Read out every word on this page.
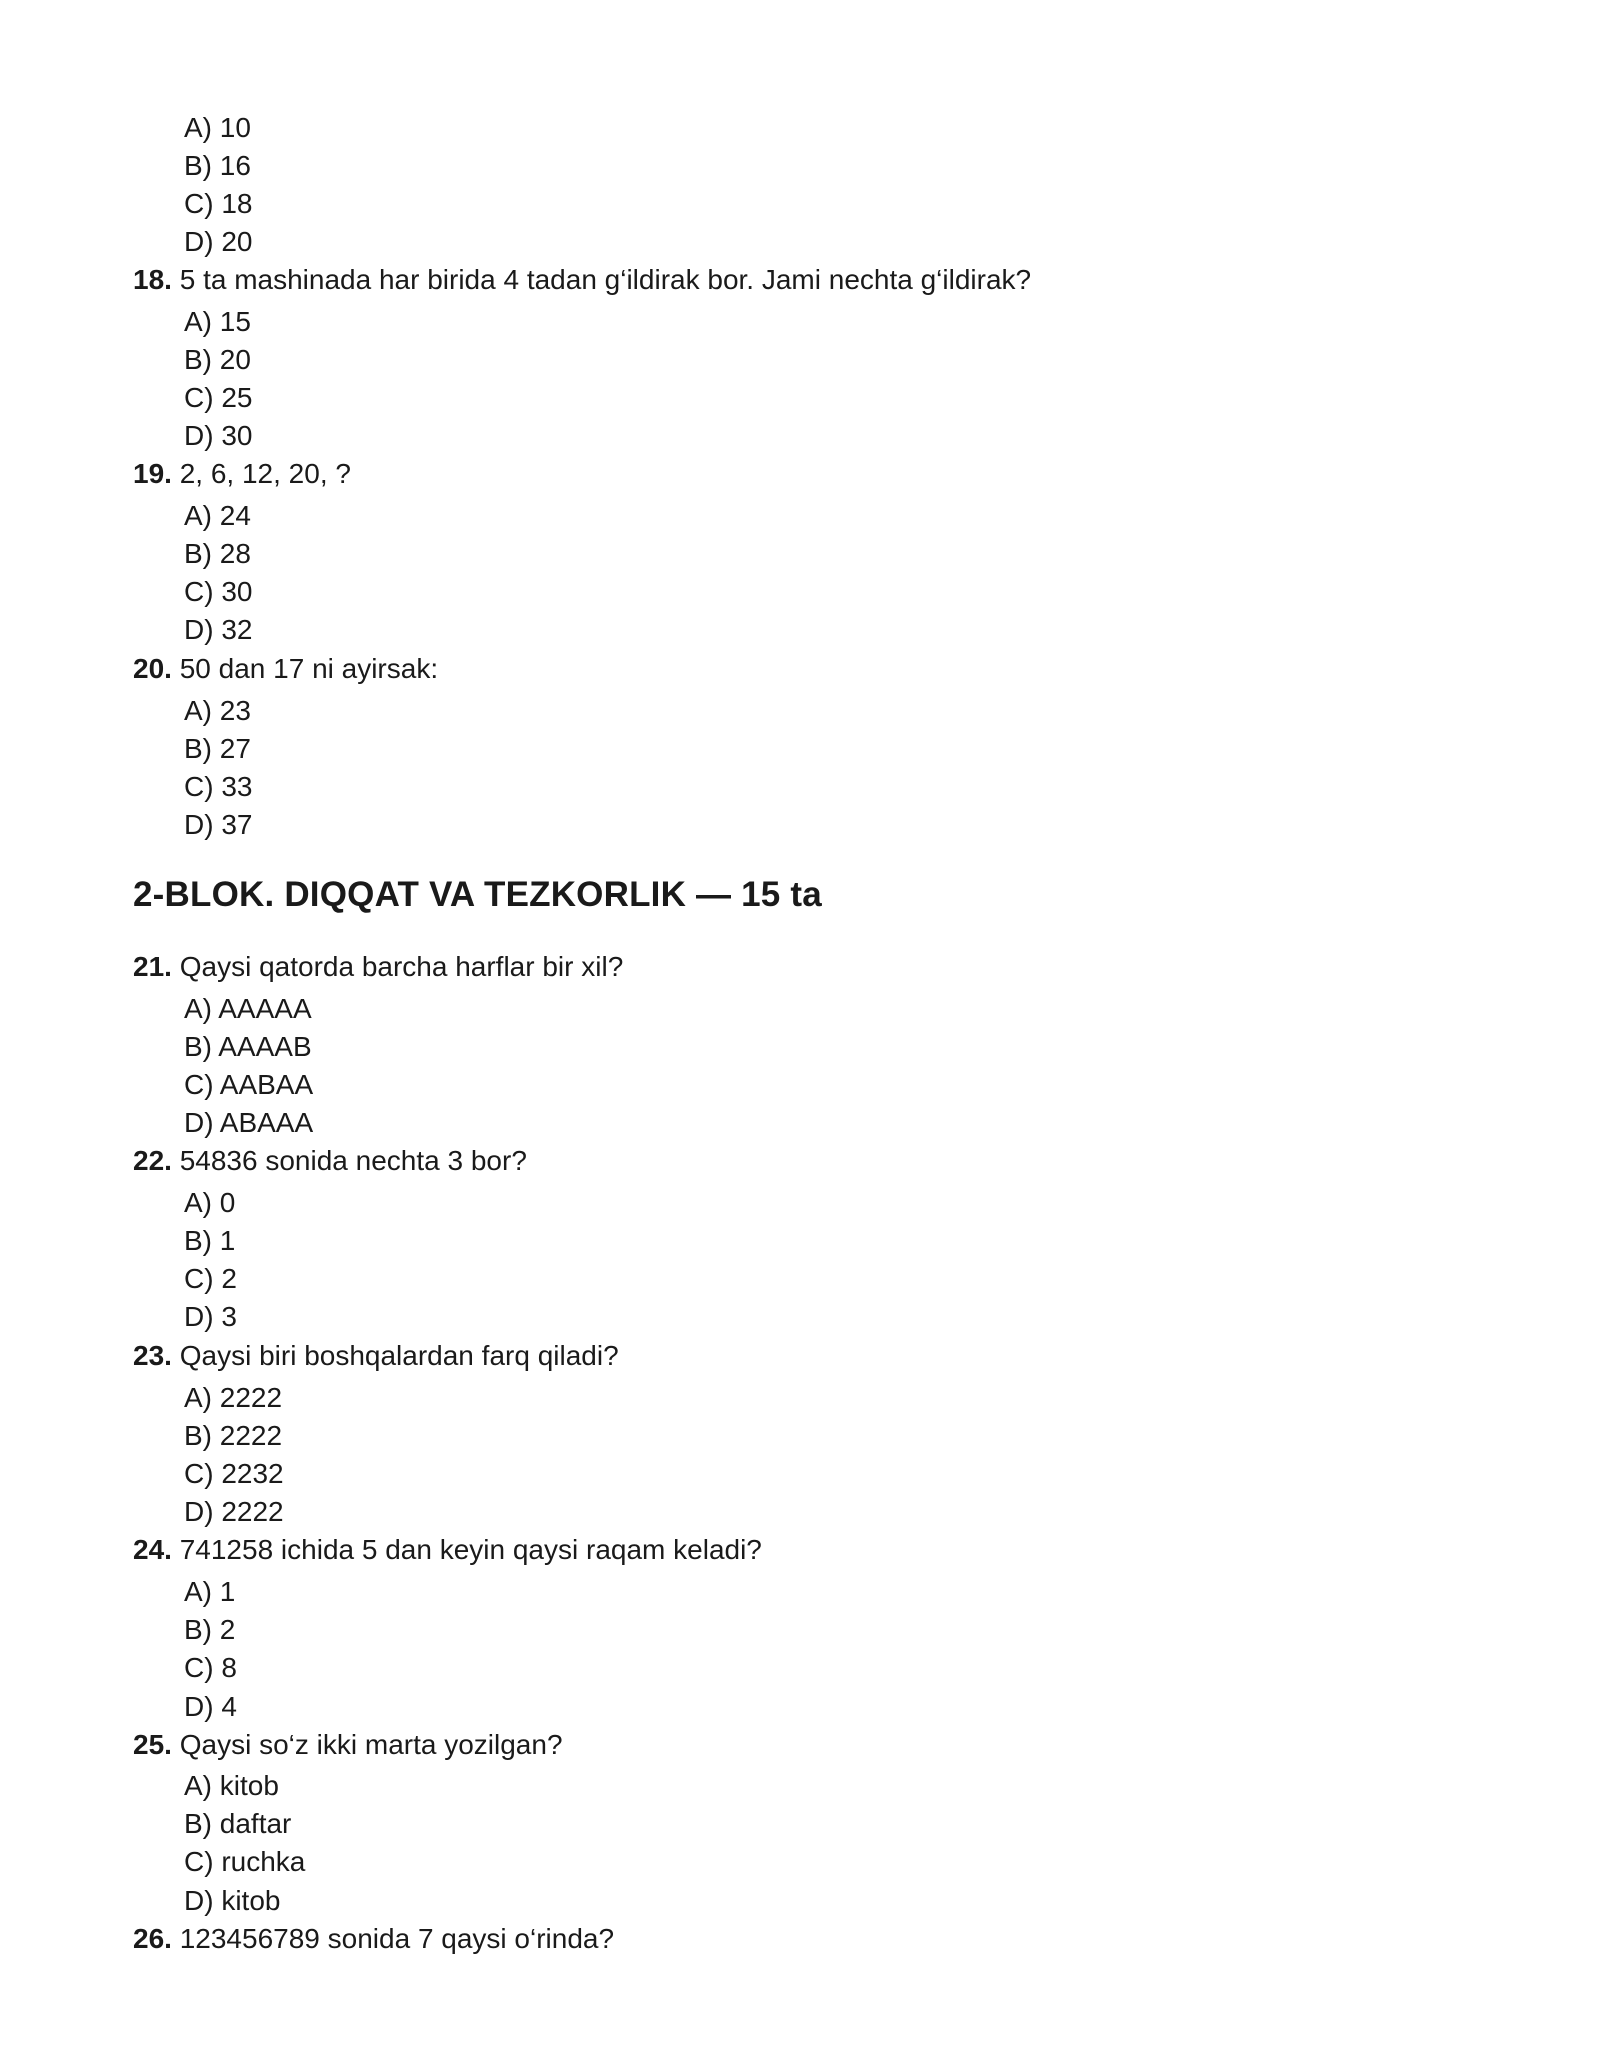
A) 10
B) 16
C) 18
D) 20
18. 5 ta mashinada har birida 4 tadan g‘ildirak bor. Jami nechta g‘ildirak?
A) 15
B) 20
C) 25
D) 30
19. 2, 6, 12, 20, ?
A) 24
B) 28
C) 30
D) 32
20. 50 dan 17 ni ayirsak:
A) 23
B) 27
C) 33
D) 37
2-BLOK. DIQQAT VA TEZKORLIK — 15 ta
21. Qaysi qatorda barcha harflar bir xil?
A) AAAAA
B) AAAAB
C) AABAA
D) ABAAA
22. 54836 sonida nechta 3 bor?
A) 0
B) 1
C) 2
D) 3
23. Qaysi biri boshqalardan farq qiladi?
A) 2222
B) 2222
C) 2232
D) 2222
24. 741258 ichida 5 dan keyin qaysi raqam keladi?
A) 1
B) 2
C) 8
D) 4
25. Qaysi so‘z ikki marta yozilgan?
A) kitob
B) daftar
C) ruchka
D) kitob
26. 123456789 sonida 7 qaysi o‘rinda?
